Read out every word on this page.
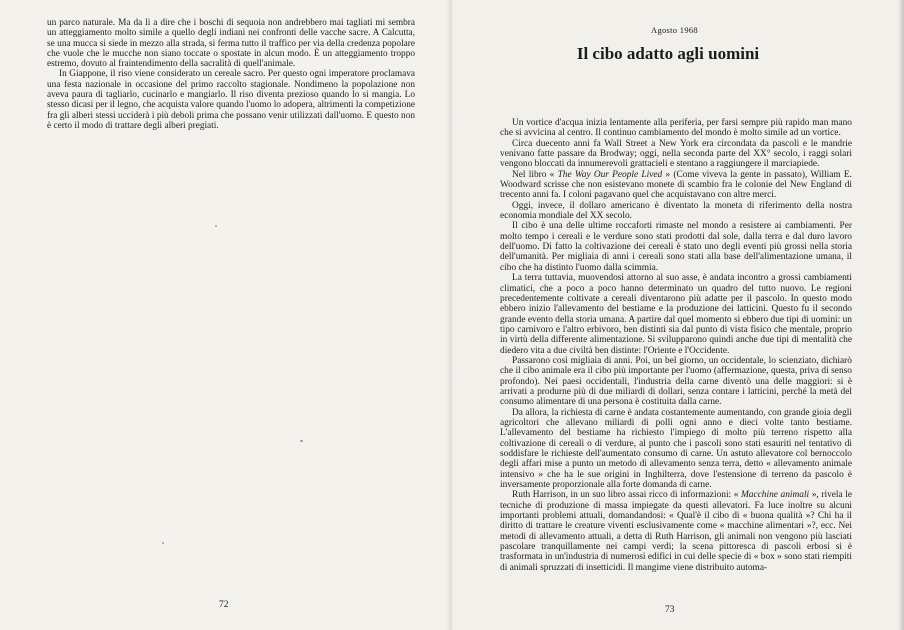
un parco naturale. Ma da lì a dire che i boschi di sequoia non andrebbero mai tagliati mi sembra un atteggiamento molto simile a quello degli indiani nei confronti delle vacche sacre. A Calcutta, se una mucca si siede in mezzo alla strada, si ferma tutto il traffico per via della credenza popolare che vuole che le mucche non siano toccate o spostate in alcun modo. È un atteggiamento troppo estremo, dovuto al fraintendimento della sacralità di quell'animale.

In Giappone, il riso viene considerato un cereale sacro. Per questo ogni imperatore proclamava una festa nazionale in occasione del primo raccolto stagionale. Nondimeno la popolazione non aveva paura di tagliarlo, cucinarlo e mangiarlo. Il riso diventa prezioso quando lo si mangia. Lo stesso dicasi per il legno, che acquista valore quando l'uomo lo adopera, altrimenti la competizione fra gli alberi stessi ucciderà i più deboli prima che possano venir utilizzati dall'uomo. E questo non è certo il modo di trattare degli alberi pregiati.

72
Agosto 1968
Il cibo adatto agli uomini

Un vortice d'acqua inizia lentamente alla periferia, per farsi sempre più rapido man mano che si avvicina al centro. Il continuo cambiamento del mondo è molto simile ad un vortice.

Circa duecento anni fa Wall Street a New York era circondata da pascoli e le mandrie venivano fatte passare da Brodway; oggi, nella seconda parte del XX° secolo, i raggi solari vengono bloccati da innumerevoli grattacieli e stentano a raggiungere il marciapiede.

Nel libro « The Way Our People Lived » (Come viveva la gente in passato), William E. Woodward scrisse che non esistevano monete di scambio fra le colonie del New England di trecento anni fa. I coloni pagavano quel che acquistavano con altre merci.

Oggi, invece, il dollaro americano è diventato la moneta di riferimento della nostra economia mondiale del XX secolo.

Il cibo è una delle ultime roccaforti rimaste nel mondo a resistere ai cambiamenti. Per molto tempo i cereali e le verdure sono stati prodotti dal sole, dalla terra e dal duro lavoro dell'uomo. Di fatto la coltivazione dei cereali è stato uno degli eventi più grossi nella storia dell'umanità. Per migliaia di anni i cereali sono stati alla base dell'alimentazione umana, il cibo che ha distinto l'uomo dalla scimmia.

La terra tuttavia, muovendosi attorno al suo asse, è andata incontro a grossi cambiamenti climatici, che a poco a poco hanno determinato un quadro del tutto nuovo. Le regioni precedentemente coltivate a cereali diventarono più adatte per il pascolo. In questo modo ebbero inizio l'allevamento del bestiame e la produzione dei latticini. Questo fu il secondo grande evento della storia umana. A partire dal quel momento si ebbero due tipi di uomini: un tipo carnivoro e l'altro erbivoro, ben distinti sia dal punto di vista fisico che mentale, proprio in virtù della differente alimentazione. Si svilupparono quindi anche due tipi di mentalità che diedero vita a due civiltà ben distinte: l'Oriente e l'Occidente.

Passarono così migliaia di anni. Poi, un bel giorno, un occidentale, lo scienziato, dichiarò che il cibo animale era il cibo più importante per l'uomo (affermazione, questa, priva di senso profondo). Nei paesi occidentali, l'industria della carne diventò una delle maggiori: si è arrivati a produrne più di due miliardi di dollari, senza contare i latticini, perché la metà del consumo alimentare di una persona è costituita dalla carne.

Da allora, la richiesta di carne è andata costantemente aumentando, con grande gioia degli agricoltori che allevano miliardi di polli ogni anno e dieci volte tanto bestiame. L'allevamento del bestiame ha richiesto l'impiego di molto più terreno rispetto alla coltivazione di cereali o di verdure, al punto che i pascoli sono stati esauriti nel tentativo di soddisfare le richieste dell'aumentato consumo di carne. Un astuto allevatore col bernoccolo degli affari mise a punto un metodo di allevamento senza terra, detto « allevamento animale intensivo » che ha le sue origini in Inghilterra, dove l'estensione di terreno da pascolo è inversamente proporzionale alla forte domanda di carne.

Ruth Harrison, in un suo libro assai ricco di informazioni: « Macchine animali », rivela le tecniche di produzione di massa impiegate da questi allevatori. Fa luce inoltre su alcuni importanti problemi attuali, domandandosi: « Qual'è il cibo di « buona qualità »? Chi ha il diritto di trattare le creature viventi esclusivamente come « macchine alimentari »?, ecc. Nei metodi di allevamento attuali, a detta di Ruth Harrison, gli animali non vengono più lasciati pascolare tranquillamente nei campi verdi; la scena pittoresca di pascoli erbosi si è trasformata in un'industria di numerosi edifici in cui delle specie di « box » sono stati riempiti di animali spruzzati di insetticidi. Il mangime viene distribuito automa-

73
